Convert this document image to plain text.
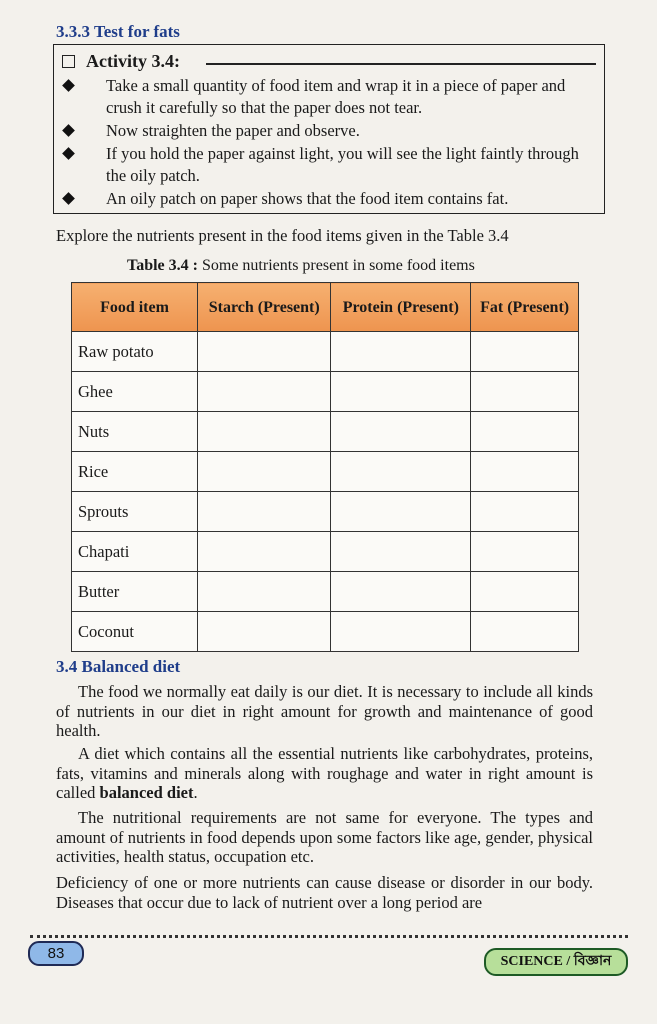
3.3.3 Test for fats
Activity 3.4:
Take a small quantity of food item and wrap it in a piece of paper and crush it carefully so that the paper does not tear.
Now straighten the paper and observe.
If you hold the paper against light, you will see the light faintly through the oily patch.
An oily patch on paper shows that the food item contains fat.
Explore the nutrients present in the food items given in the Table 3.4
Table 3.4 : Some nutrients present in some food items
Food item	Starch (Present)	Protein (Present)	Fat (Present)
Raw potato			
Ghee			
Nuts			
Rice			
Sprouts			
Chapati			
Butter			
Coconut			
3.4 Balanced diet
The food we normally eat daily is our diet. It is necessary to include all kinds of nutrients in our diet in right amount for growth and maintenance of good health.
A diet which contains all the essential nutrients like carbohydrates, proteins, fats, vitamins and minerals along with roughage and water in right amount is called balanced diet.
The nutritional requirements are not same for everyone. The types and amount of nutrients in food depends upon some factors like age, gender, physical activities, health status, occupation etc.
Deficiency of one or more nutrients can cause disease or disorder in our body. Diseases that occur due to lack of nutrient over a long period are
83	SCIENCE / বিজ্ঞান
